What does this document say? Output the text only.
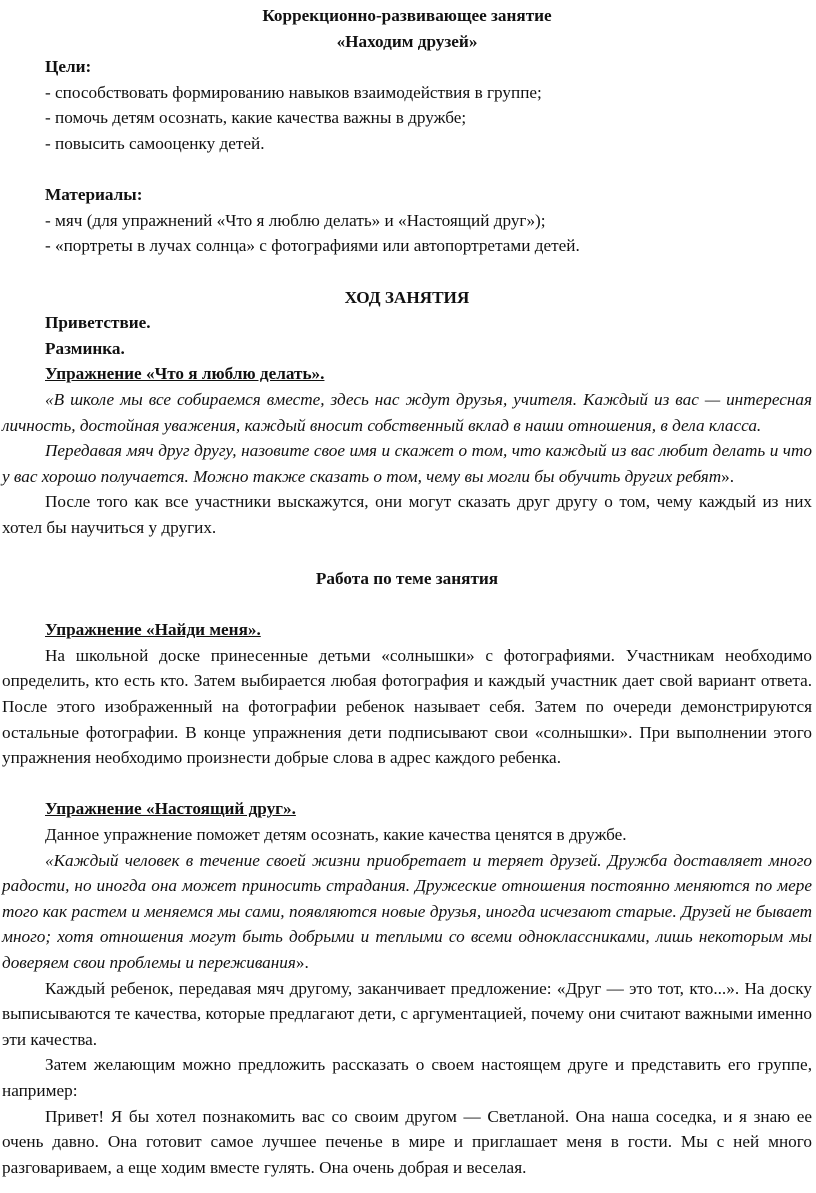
Коррекционно-развивающее занятие

«Находим друзей»

Цели:

- способствовать формированию навыков взаимодействия в группе;

- помочь детям осознать, какие качества важны в дружбе;

- повысить самооценку детей.

Материалы:

- мяч (для упражнений «Что я люблю делать» и «Настоящий друг»);

- «портреты в лучах солнца» с фотографиями или автопортретами детей.

ХОД ЗАНЯТИЯ

Приветствие.

Разминка.

Упражнение «Что я люблю делать».

«В школе мы все собираемся вместе, здесь нас ждут друзья, учителя. Каждый из вас — интересная личность, достойная уважения, каждый вносит собственный вклад в наши отношения, в дела класса.

Передавая мяч друг другу, назовите свое имя и скажет о том, что каждый из вас любит делать и что у вас хорошо получается. Можно также сказать о том, чему вы могли бы обучить других ребят».

После того как все участники выскажутся, они могут сказать друг другу о том, чему каждый из них хотел бы научиться у других.

Работа по теме занятия

Упражнение «Найди меня».

На школьной доске принесенные детьми «солнышки» с фотографиями. Участникам необходимо определить, кто есть кто. Затем выбирается любая фотография и каждый участник дает свой вариант ответа. После этого изображенный на фотографии ребенок называет себя. Затем по очереди демонстрируются остальные фотографии. В конце упражнения дети подписывают свои «солнышки». При выполнении этого упражнения необходимо произнести добрые слова в адрес каждого ребенка.

Упражнение «Настоящий друг».

Данное упражнение поможет детям осознать, какие качества ценятся в дружбе.

«Каждый человек в течение своей жизни приобретает и теряет друзей. Дружба доставляет много радости, но иногда она может приносить страдания. Дружеские отношения постоянно меняются по мере того как растем и меняемся мы сами, появляются новые друзья, иногда исчезают старые. Друзей не бывает много; хотя отношения могут быть добрыми и теплыми со всеми одноклассниками, лишь некоторым мы доверяем свои проблемы и переживания».

Каждый ребенок, передавая мяч другому, заканчивает предложение: «Друг — это тот, кто...». На доску выписываются те качества, которые предлагают дети, с аргументацией, почему они считают важными именно эти качества.

Затем желающим можно предложить рассказать о своем настоящем друге и представить его группе, например:

Привет! Я бы хотел познакомить вас со своим другом — Светланой. Она наша соседка, и я знаю ее очень давно. Она готовит самое лучшее печенье в мире и приглашает меня в гости. Мы с ней много разговариваем, а еще ходим вместе гулять. Она очень добрая и веселая.
